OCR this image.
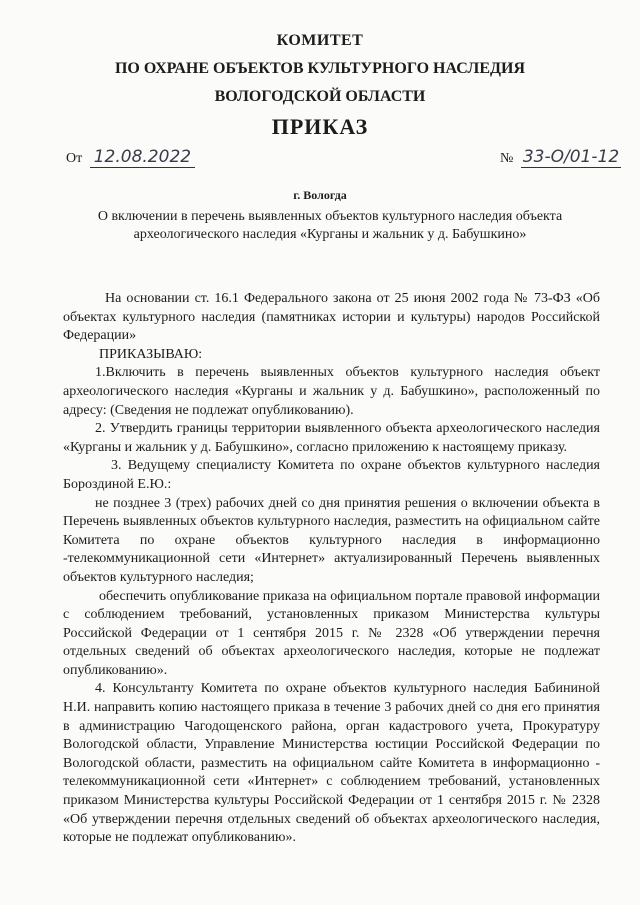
КОМИТЕТ
ПО ОХРАНЕ ОБЪЕКТОВ КУЛЬТУРНОГО НАСЛЕДИЯ
ВОЛОГОДСКОЙ ОБЛАСТИ
ПРИКАЗ
От 12.08.2022	№ 33-О/01-12
г. Вологда
О включении в перечень выявленных объектов культурного наследия объекта археологического наследия «Курганы и жальник у д. Бабушкино»

На основании ст. 16.1 Федерального закона от 25 июня 2002 года № 73-ФЗ «Об объектах культурного наследия (памятниках истории и культуры) народов Российской Федерации»

ПРИКАЗЫВАЮ:

1.Включить в перечень выявленных объектов культурного наследия объект археологического наследия «Курганы и жальник у д. Бабушкино», расположенный по адресу: (Сведения не подлежат опубликованию).

2. Утвердить границы территории выявленного объекта археологического наследия «Курганы и жальник у д. Бабушкино», согласно приложению к настоящему приказу.

3. Ведущему специалисту Комитета по охране объектов культурного наследия Бороздиной Е.Ю.:

не позднее 3 (трех) рабочих дней со дня принятия решения о включении объекта в Перечень выявленных объектов культурного наследия, разместить на официальном сайте Комитета по охране объектов культурного наследия в информационно -телекоммуникационной сети «Интернет» актуализированный Перечень выявленных объектов культурного наследия;

обеспечить опубликование приказа на официальном портале правовой информации с соблюдением требований, установленных приказом Министерства культуры Российской Федерации от 1 сентября 2015 г. № 2328 «Об утверждении перечня отдельных сведений об объектах археологического наследия, которые не подлежат опубликованию».

4. Консультанту Комитета по охране объектов культурного наследия Бабининой Н.И. направить копию настоящего приказа в течение 3 рабочих дней со дня его принятия в администрацию Чагодощенского района, орган кадастрового учета, Прокуратуру Вологодской области, Управление Министерства юстиции Российской Федерации по Вологодской области, разместить на официальном сайте Комитета в информационно - телекоммуникационной сети «Интернет» с соблюдением требований, установленных приказом Министерства культуры Российской Федерации от 1 сентября 2015 г. № 2328 «Об утверждении перечня отдельных сведений об объектах археологического наследия, которые не подлежат опубликованию».
